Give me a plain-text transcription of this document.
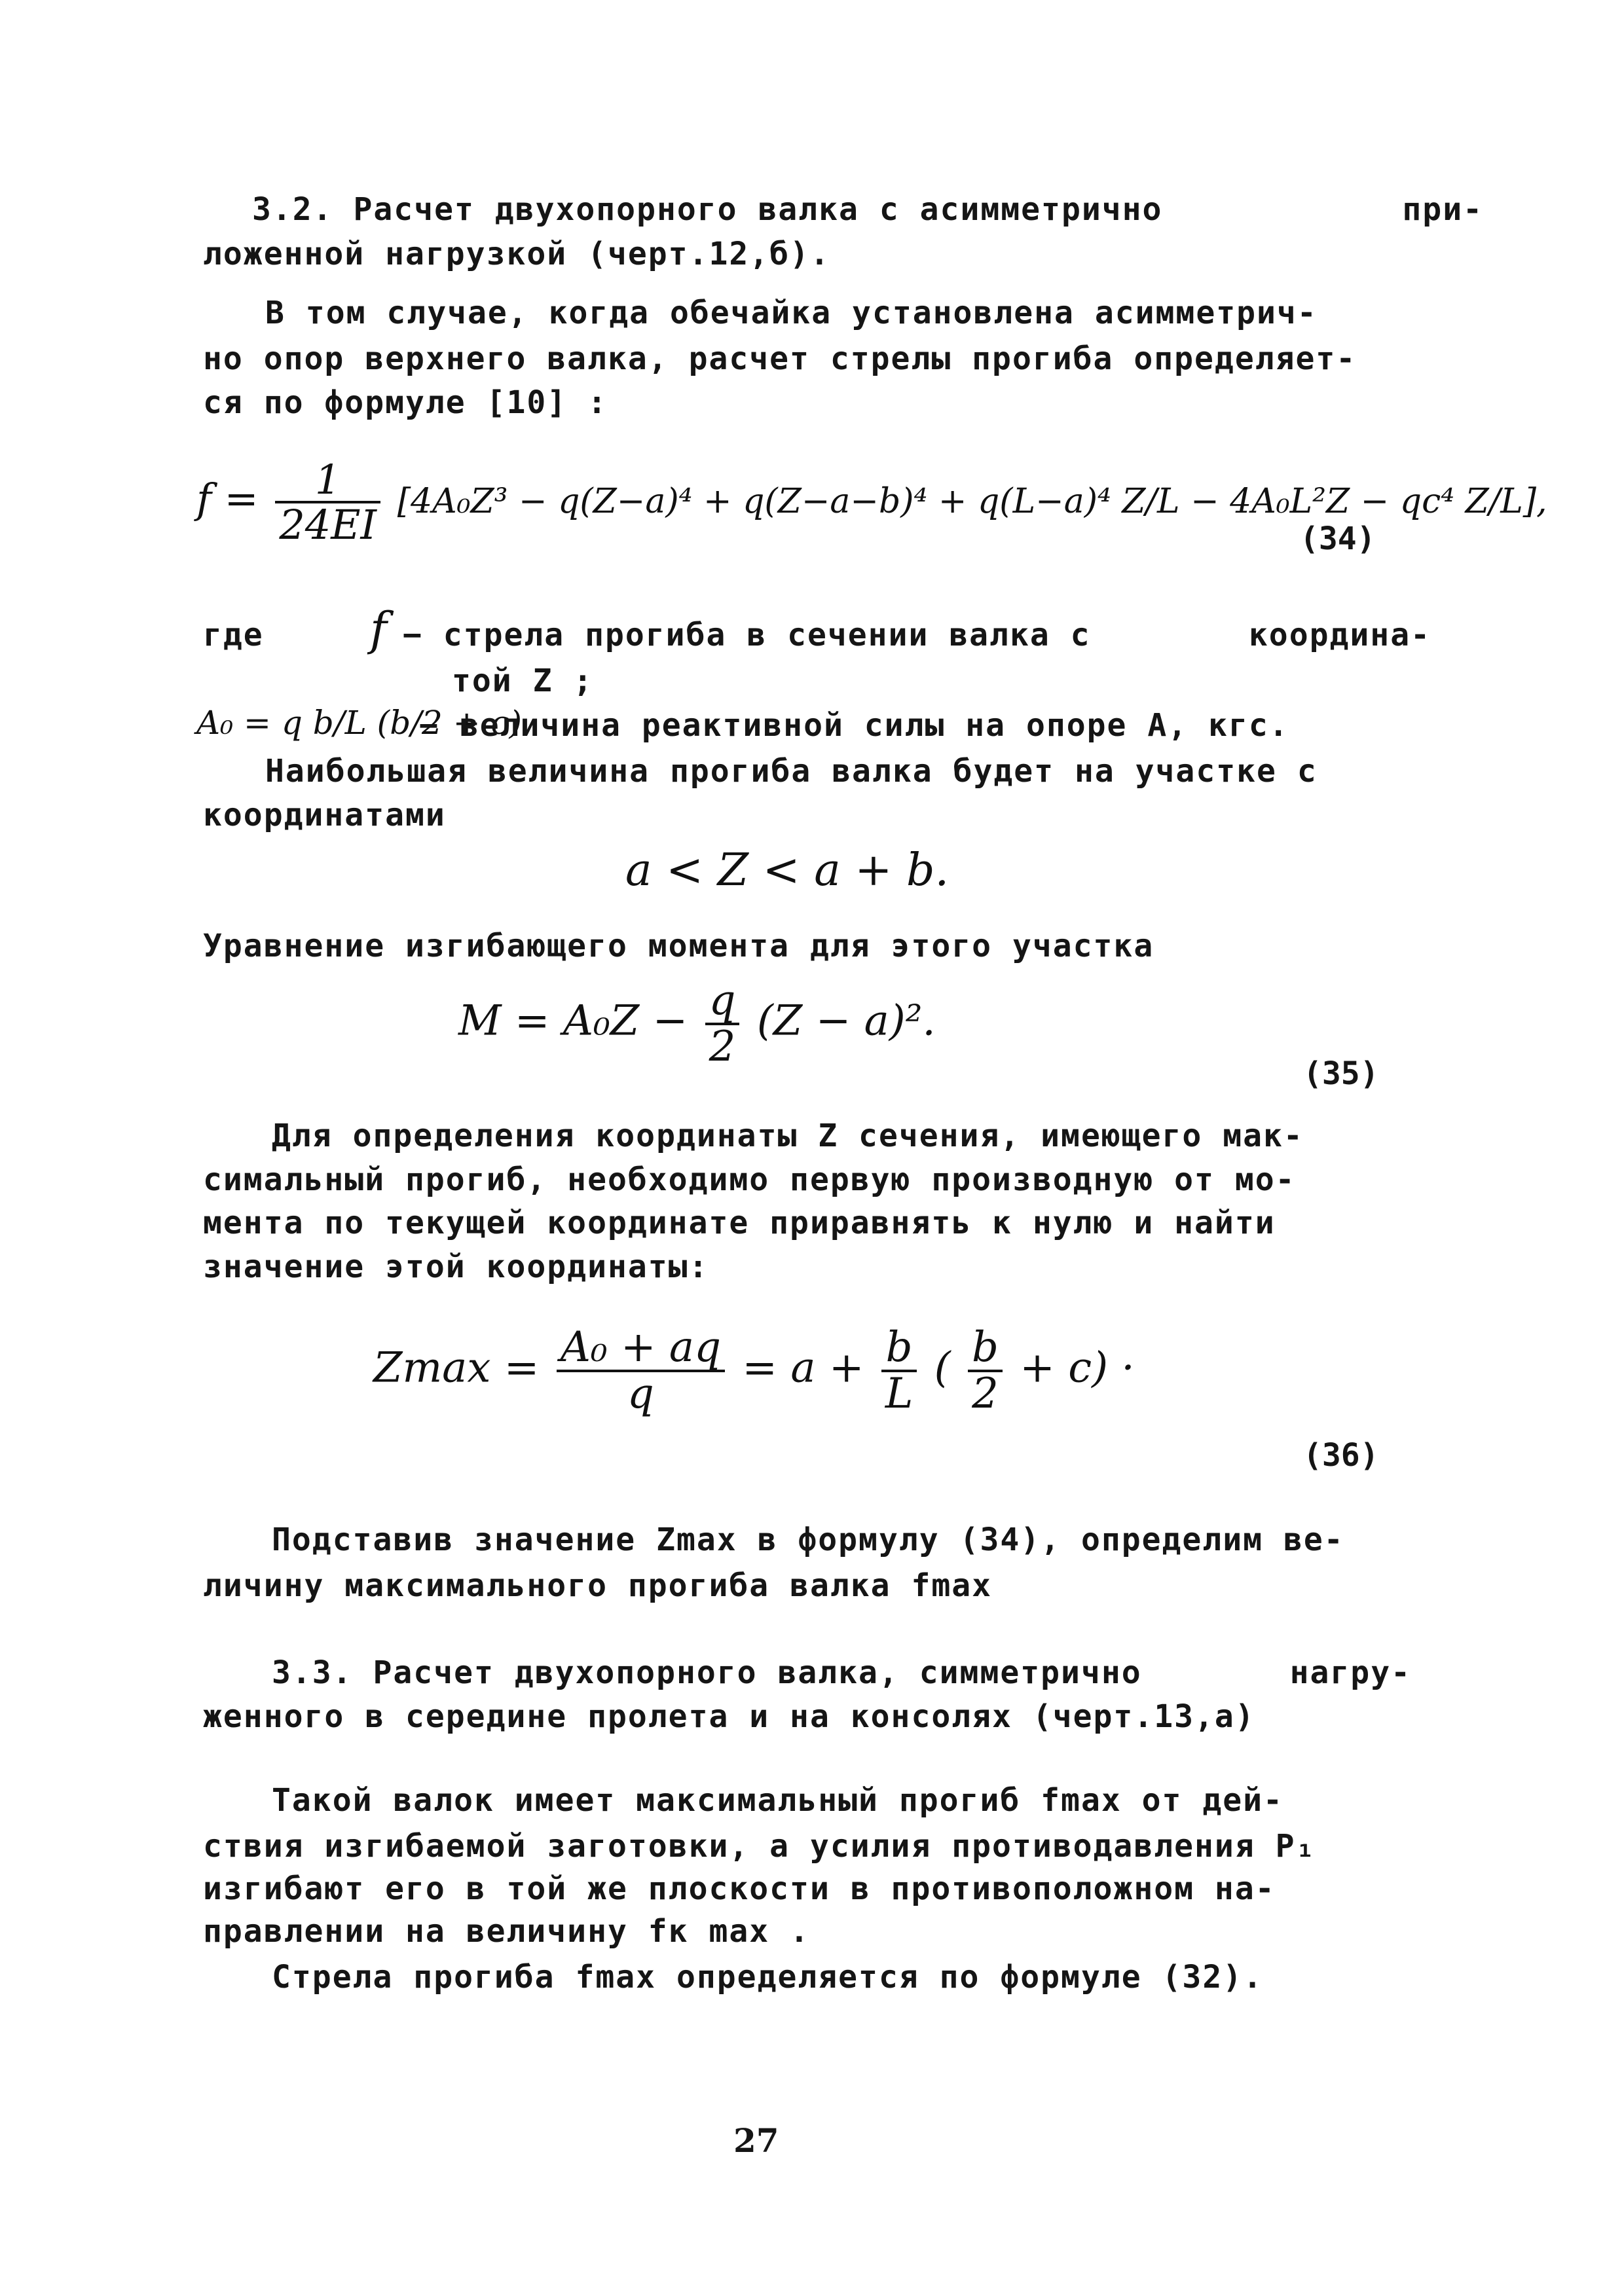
3.2. Расчет двухопорного валка с асимметрично	при-
ложенной нагрузкой (черт.12,б).
В том случае, когда обечайка установлена асимметрич-
но опор верхнего валка, расчет стрелы прогиба определяет-
ся по формуле [10] :
$f = \frac{1}{24EI} [4A_0Z^3 - q(Z-a)^4 + q(Z-a-b)^4 + q(L-a)^4$ Z/L − 4A₀L²Z − qc⁴ Z/L],
(34)
где f − стрела прогиба в сечении валка с	координа-
той Z ;
A₀ = q b/L (b/2 + c)
− величина реактивной силы на опоре А, кгс.
Наибольшая величина прогиба валка будет на участке с
координатами
a < Z < a + b.
Уравнение изгибающего момента для этого участка
$M = A_0Z - \frac{q}{2} (Z - a)^2$.
(35)
Для определения координаты Z сечения, имеющего мак-
симальный прогиб, необходимо первую производную от мо-
мента по текущей координате приравнять к нулю и найти
значение этой координаты:
$Zmax = \frac{\text{A₀ + aq}}{q} = a + \frac{b}{L}$ ( $\frac{b}{2} + c$) ·
(36)
Подставив значение Zmax в формулу (34), определим ве-
личину максимального прогиба валка fmax
3.3. Расчет двухопорного валка, симметрично	нагру-
женного в середине пролета и на консолях (черт.13,а)
Такой валок имеет максимальный прогиб fmax от дей-
ствия изгибаемой заготовки, а усилия противодавления P₁
изгибают его в той же плоскости в противоположном на-
правлении на величину fк max .
Стрела прогиба fmax определяется по формуле (32).
27
